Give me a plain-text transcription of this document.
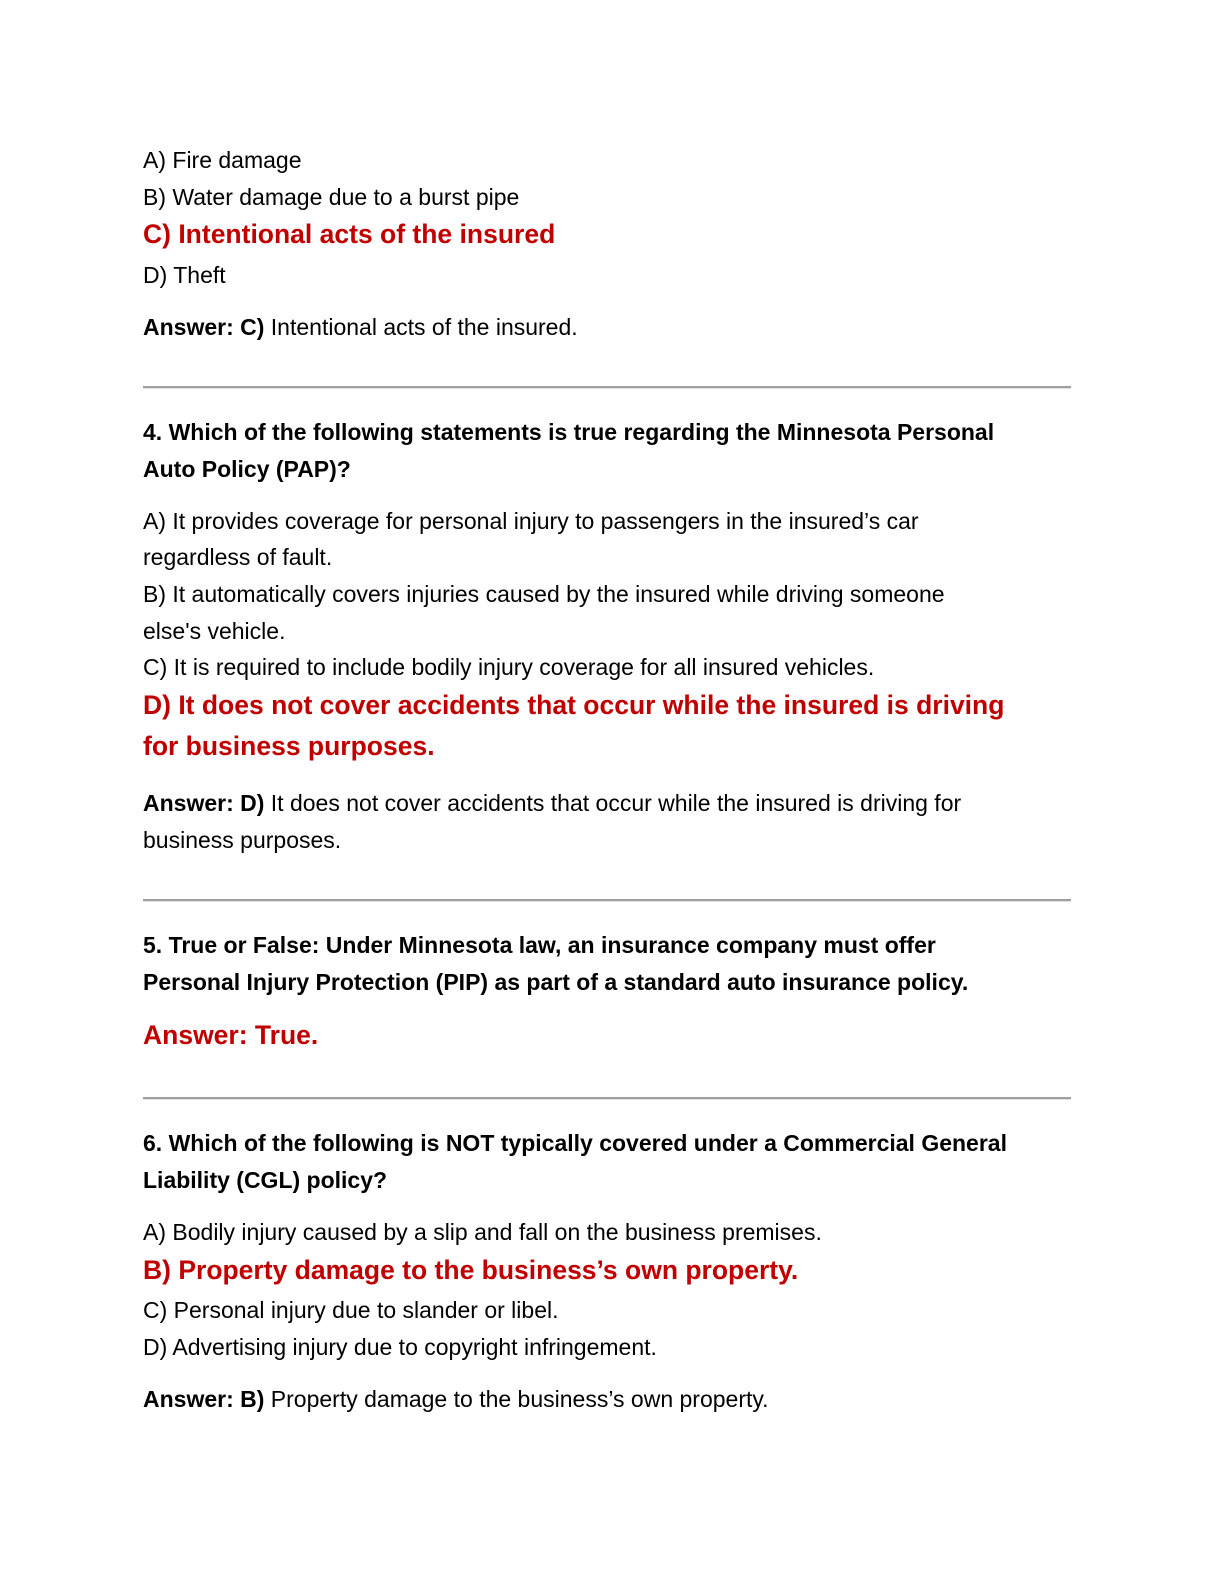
A) Fire damage
B) Water damage due to a burst pipe
C) Intentional acts of the insured
D) Theft
Answer: C) Intentional acts of the insured.
4. Which of the following statements is true regarding the Minnesota Personal
Auto Policy (PAP)?
A) It provides coverage for personal injury to passengers in the insured’s car
regardless of fault.
B) It automatically covers injuries caused by the insured while driving someone
else's vehicle.
C) It is required to include bodily injury coverage for all insured vehicles.
D) It does not cover accidents that occur while the insured is driving
for business purposes.
Answer: D) It does not cover accidents that occur while the insured is driving for
business purposes.
5. True or False: Under Minnesota law, an insurance company must offer
Personal Injury Protection (PIP) as part of a standard auto insurance policy.
Answer: True.
6. Which of the following is NOT typically covered under a Commercial General
Liability (CGL) policy?
A) Bodily injury caused by a slip and fall on the business premises.
B) Property damage to the business’s own property.
C) Personal injury due to slander or libel.
D) Advertising injury due to copyright infringement.
Answer: B) Property damage to the business’s own property.
